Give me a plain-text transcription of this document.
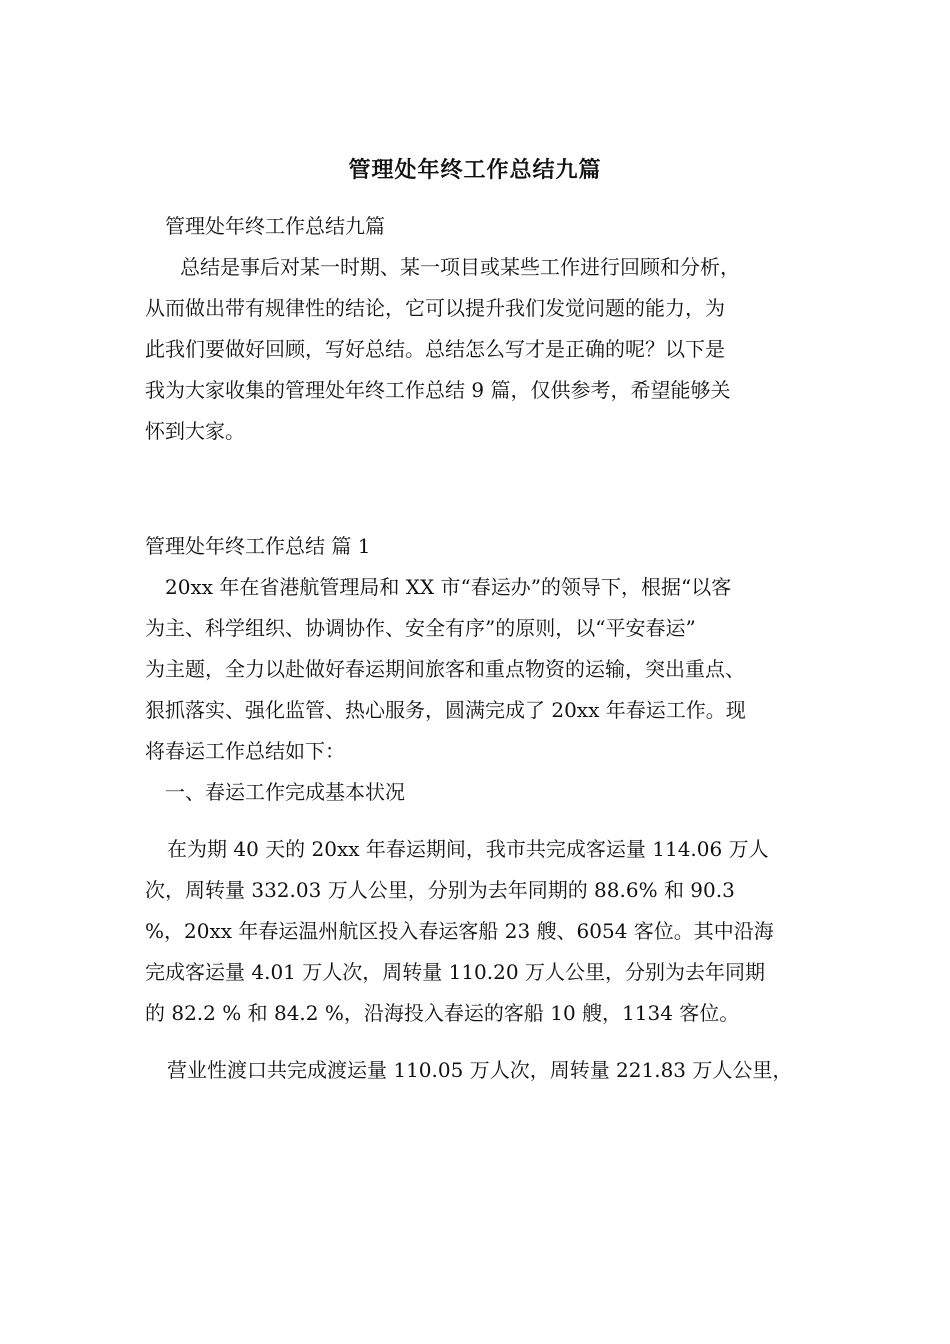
管理处年终工作总结九篇
管理处年终工作总结九篇
总结是事后对某一时期、某一项目或某些工作进行回顾和分析，
从而做出带有规律性的结论，它可以提升我们发觉问题的能力，为
此我们要做好回顾，写好总结。总结怎么写才是正确的呢？以下是
我为大家收集的管理处年终工作总结 9 篇，仅供参考，希望能够关
怀到大家。
管理处年终工作总结 篇 1
20xx 年在省港航管理局和 XX 市“春运办”的领导下，根据“以客
为主、科学组织、协调协作、安全有序”的原则，以“平安春运”
为主题，全力以赴做好春运期间旅客和重点物资的运输，突出重点、
狠抓落实、强化监管、热心服务，圆满完成了 20xx 年春运工作。现
将春运工作总结如下：
一、春运工作完成基本状况
在为期 40 天的 20xx 年春运期间，我市共完成客运量 114.06 万人
次，周转量 332.03 万人公里，分别为去年同期的 88.6% 和 90.3
%，20xx 年春运温州航区投入春运客船 23 艘、6054 客位。其中沿海
完成客运量 4.01 万人次，周转量 110.20 万人公里，分别为去年同期
的 82.2 % 和 84.2 %，沿海投入春运的客船 10 艘，1134 客位。
营业性渡口共完成渡运量 110.05 万人次，周转量 221.83 万人公里，
